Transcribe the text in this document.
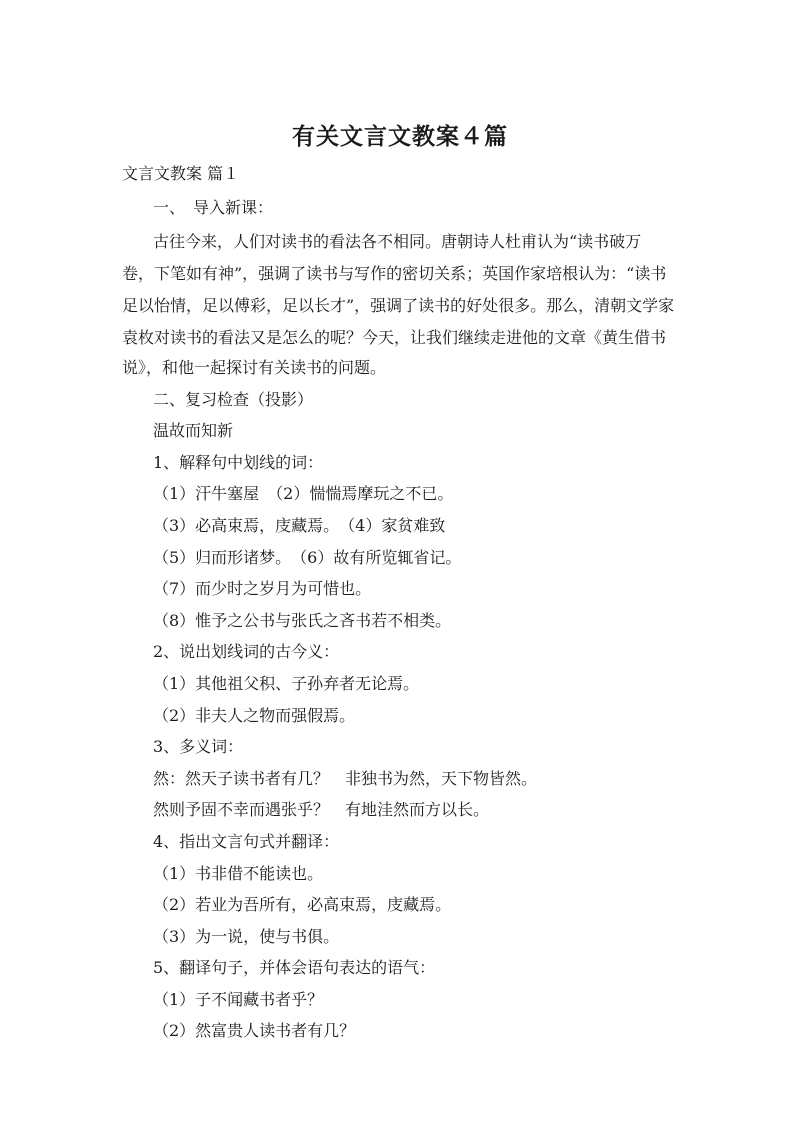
有关文言文教案４篇
文言文教案 篇１
一、　导入新课：
古往今来，人们对读书的看法各不相同。唐朝诗人杜甫认为“读书破万
卷，下笔如有神”，强调了读书与写作的密切关系；英国作家培根认为：“读书
足以怡情，足以傅彩，足以长才”，强调了读书的好处很多。那么，清朝文学家
袁枚对读书的看法又是怎么的呢？今天，让我们继续走进他的文章《黄生借书
说》，和他一起探讨有关读书的问题。
二、复习检查（投影）
温故而知新
1、解释句中划线的词：
（1）汗牛塞屋　（2）惴惴焉摩玩之不已。
（3）必高束焉，庋藏焉。　（4）家贫难致
（5）归而形诸梦。　（6）故有所览辄省记。
（7）而少时之岁月为可惜也。
（8）惟予之公书与张氏之吝书若不相类。
2、说出划线词的古今义：
（1）其他祖父积、子孙弃者无论焉。
（2）非夫人之物而强假焉。
3、多义词：
然：然天子读书者有几？　非独书为然，天下物皆然。
然则予固不幸而遇张乎？　有地洼然而方以长。
4、指出文言句式并翻译：
（1）书非借不能读也。
（2）若业为吾所有，必高束焉，庋藏焉。
（3）为一说，使与书俱。
5、翻译句子，并体会语句表达的语气：
（1）子不闻藏书者乎？
（2）然富贵人读书者有几？
